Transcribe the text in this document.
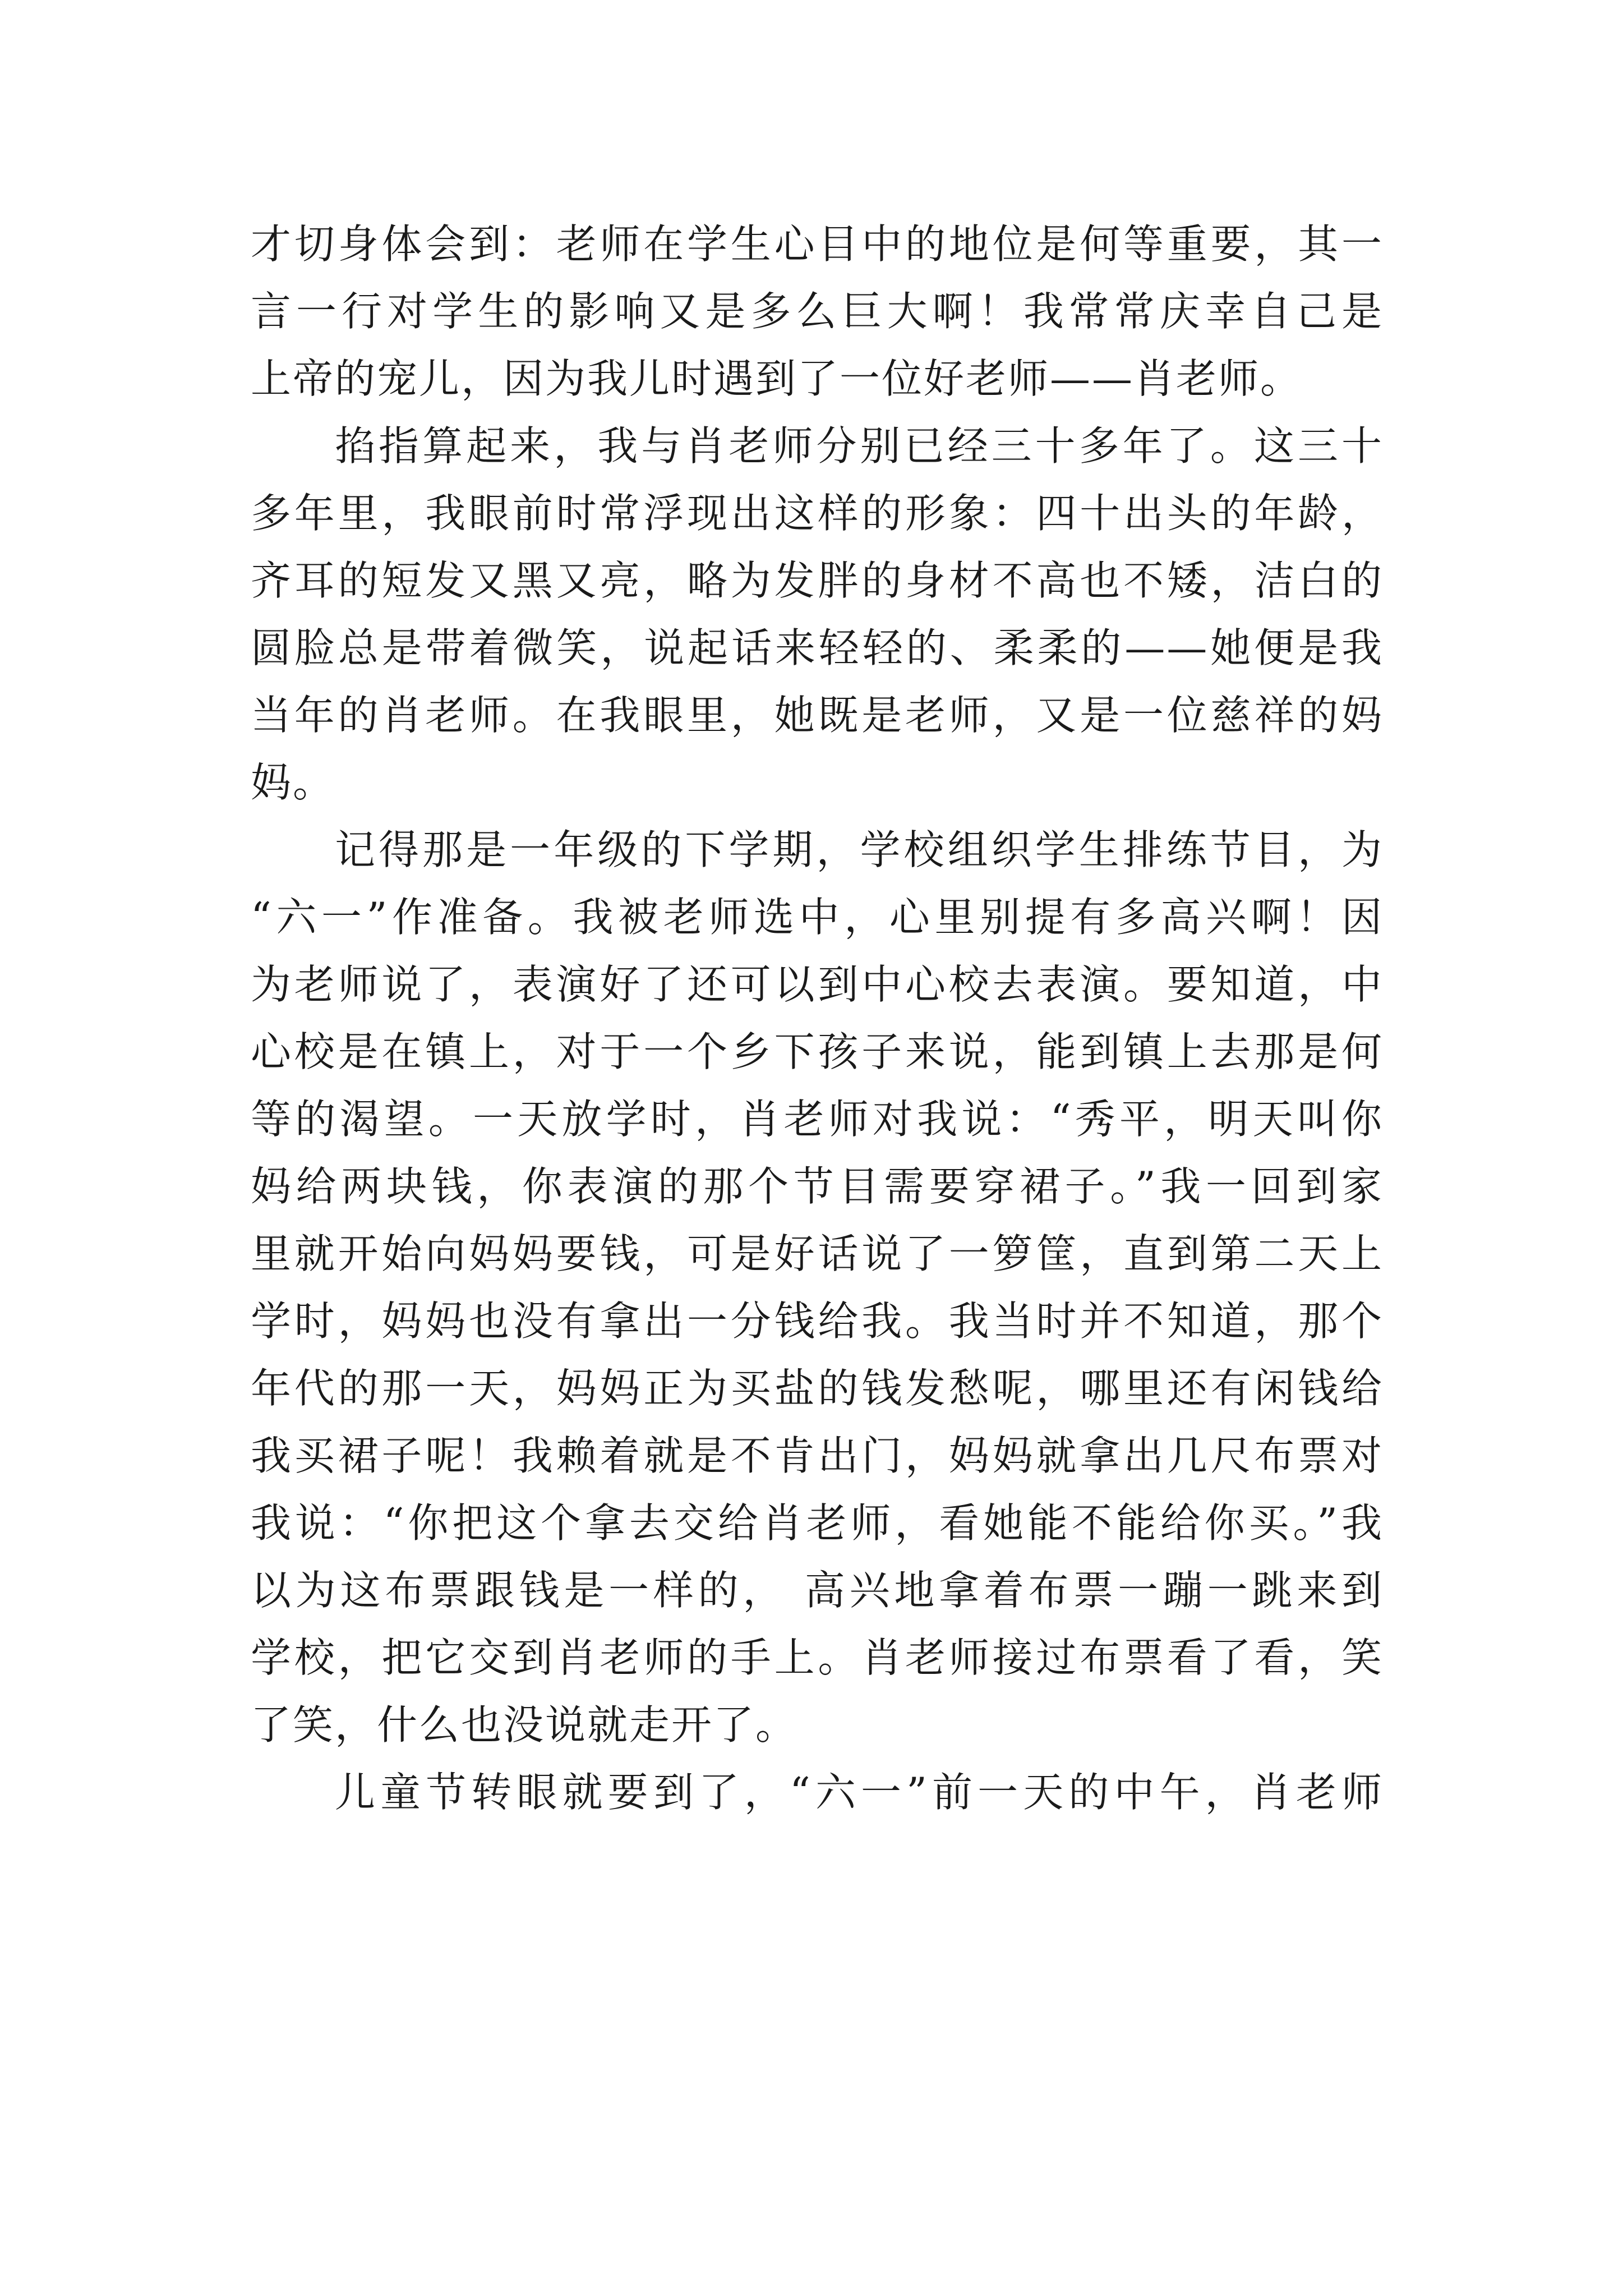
才切身体会到：老师在学生心目中的地位是何等重要，其一
言一行对学生的影响又是多么巨大啊！我常常庆幸自己是
上帝的宠儿，因为我儿时遇到了一位好老师——肖老师。
掐指算起来，我与肖老师分别已经三十多年了。这三十
多年里，我眼前时常浮现出这样的形象：四十出头的年龄，
齐耳的短发又黑又亮，略为发胖的身材不高也不矮，洁白的
圆脸总是带着微笑，说起话来轻轻的、柔柔的——她便是我
当年的肖老师。在我眼里，她既是老师，又是一位慈祥的妈
妈。
记得那是一年级的下学期，学校组织学生排练节目，为
“六一”作准备。我被老师选中，心里别提有多高兴啊！因
为老师说了，表演好了还可以到中心校去表演。要知道，中
心校是在镇上，对于一个乡下孩子来说，能到镇上去那是何
等的渴望。一天放学时，肖老师对我说：“秀平，明天叫你
妈给两块钱，你表演的那个节目需要穿裙子。”我一回到家
里就开始向妈妈要钱，可是好话说了一箩筐，直到第二天上
学时，妈妈也没有拿出一分钱给我。我当时并不知道，那个
年代的那一天，妈妈正为买盐的钱发愁呢，哪里还有闲钱给
我买裙子呢！我赖着就是不肯出门，妈妈就拿出几尺布票对
我说：“你把这个拿去交给肖老师，看她能不能给你买。”我
以为这布票跟钱是一样的， 高兴地拿着布票一蹦一跳来到
学校，把它交到肖老师的手上。肖老师接过布票看了看，笑
了笑，什么也没说就走开了。
儿童节转眼就要到了，“六一”前一天的中午，肖老师
